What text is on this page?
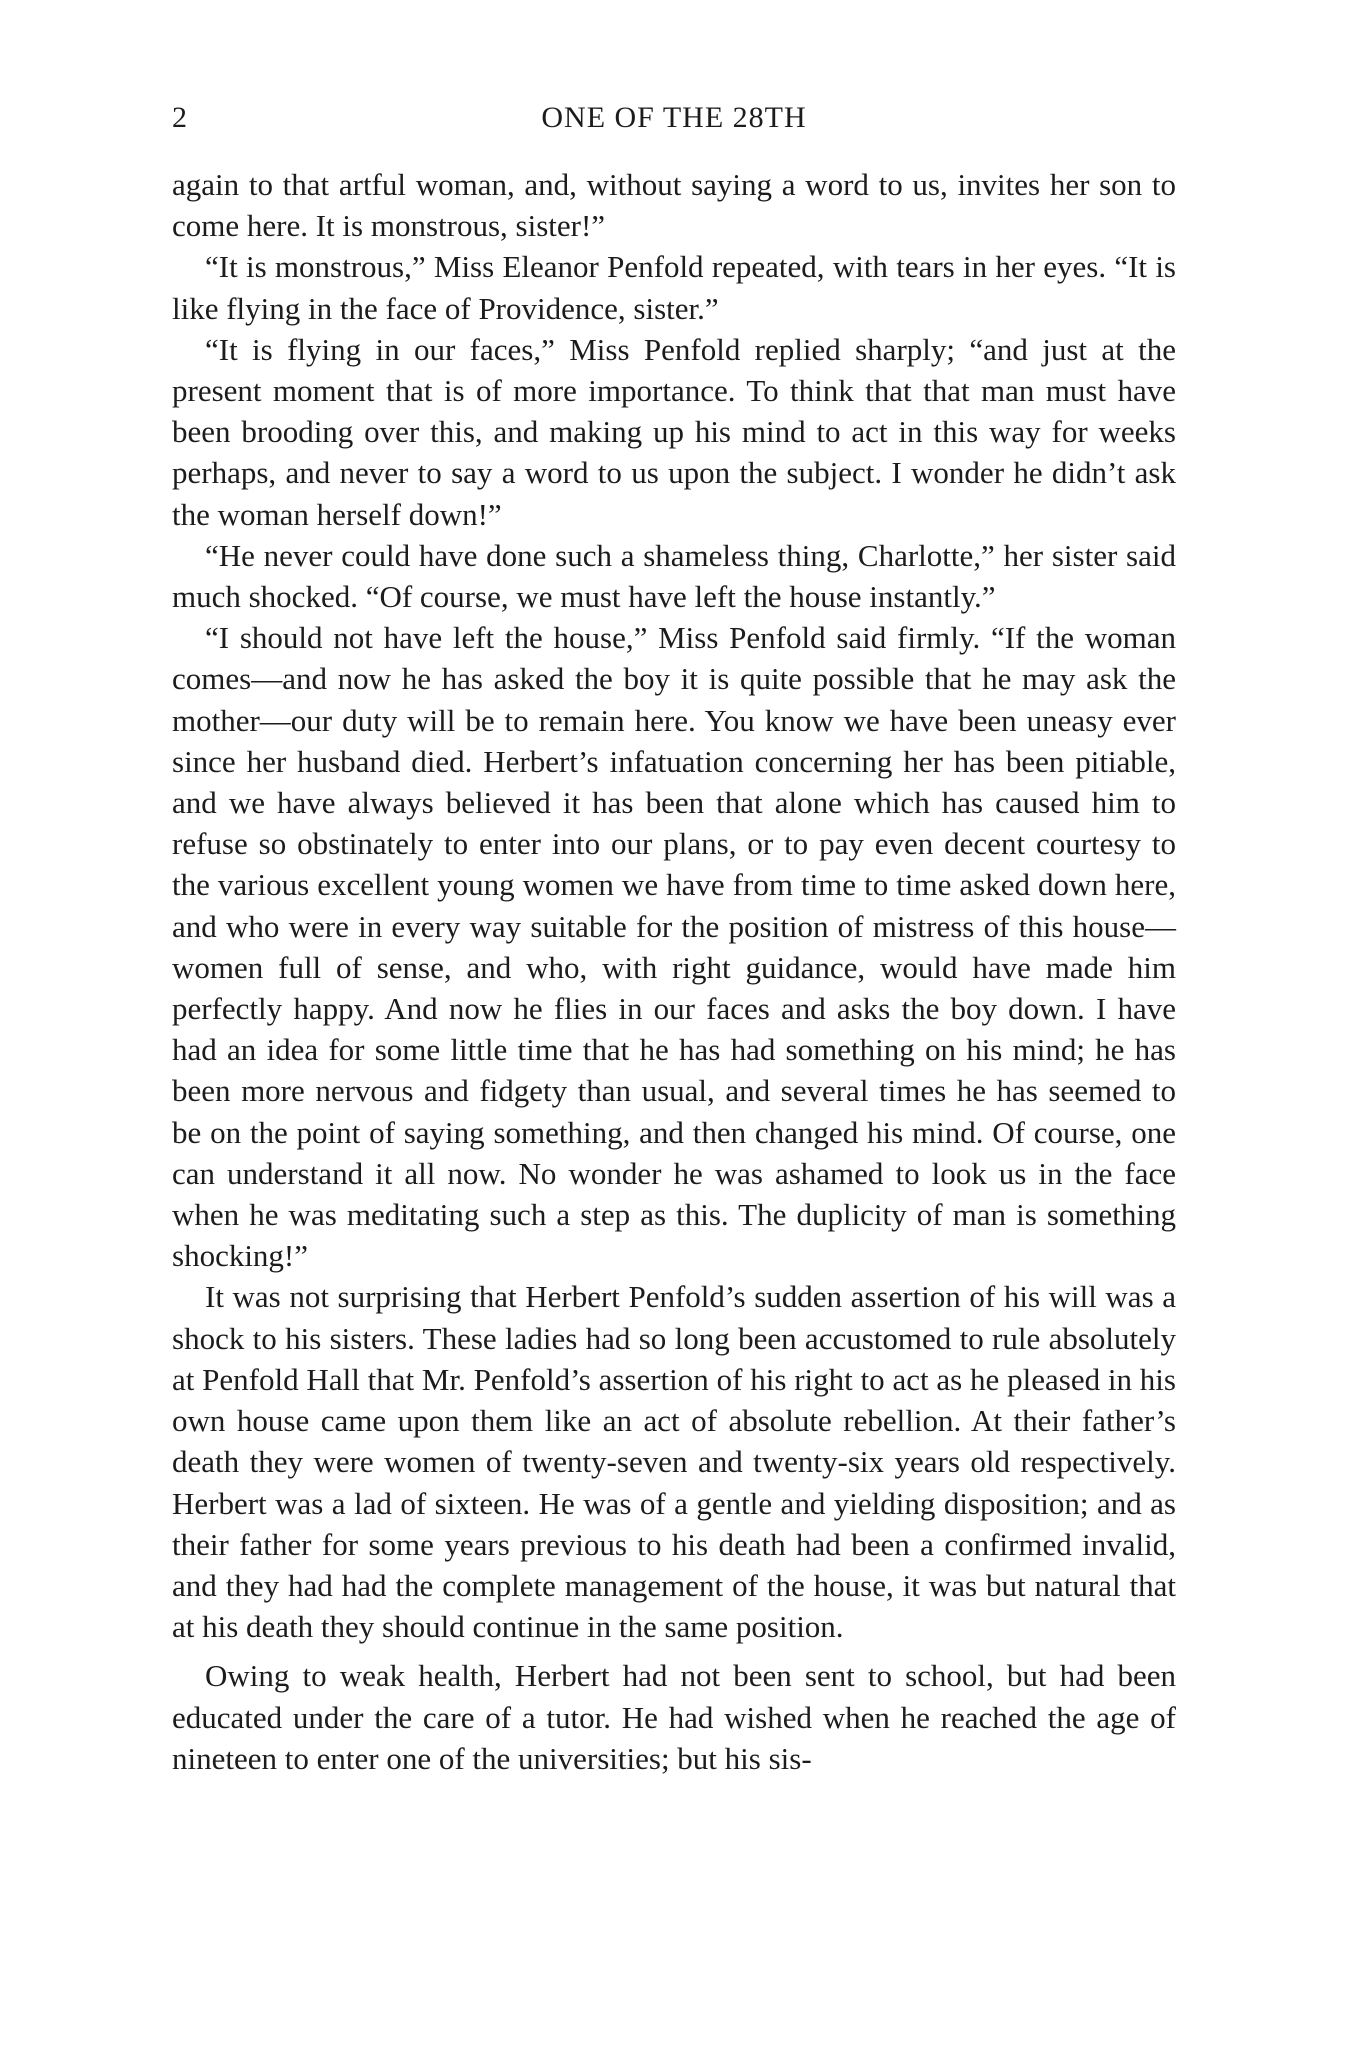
2	ONE OF THE 28TH

again to that artful woman, and, without saying a word to us, invites her son to come here. It is monstrous, sister!”

“It is monstrous,” Miss Eleanor Penfold repeated, with tears in her eyes. “It is like flying in the face of Providence, sister.”

“It is flying in our faces,” Miss Penfold replied sharply; “and just at the present moment that is of more importance. To think that that man must have been brooding over this, and making up his mind to act in this way for weeks perhaps, and never to say a word to us upon the subject. I wonder he didn’t ask the woman herself down!”

“He never could have done such a shameless thing, Charlotte,” her sister said much shocked. “Of course, we must have left the house instantly.”

“I should not have left the house,” Miss Penfold said firmly. “If the woman comes—and now he has asked the boy it is quite possible that he may ask the mother—our duty will be to remain here. You know we have been uneasy ever since her husband died. Herbert’s infatuation concerning her has been pitiable, and we have always believed it has been that alone which has caused him to refuse so obstinately to enter into our plans, or to pay even decent courtesy to the various excellent young women we have from time to time asked down here, and who were in every way suitable for the position of mistress of this house—women full of sense, and who, with right guidance, would have made him perfectly happy. And now he flies in our faces and asks the boy down. I have had an idea for some little time that he has had something on his mind; he has been more nervous and fidgety than usual, and several times he has seemed to be on the point of saying something, and then changed his mind. Of course, one can understand it all now. No wonder he was ashamed to look us in the face when he was meditating such a step as this. The duplicity of man is something shocking!”

It was not surprising that Herbert Penfold’s sudden assertion of his will was a shock to his sisters. These ladies had so long been accustomed to rule absolutely at Penfold Hall that Mr. Penfold’s assertion of his right to act as he pleased in his own house came upon them like an act of absolute rebellion. At their father’s death they were women of twenty-seven and twenty-six years old respectively. Herbert was a lad of sixteen. He was of a gentle and yielding disposition; and as their father for some years previous to his death had been a confirmed invalid, and they had had the complete management of the house, it was but natural that at his death they should continue in the same position.

Owing to weak health, Herbert had not been sent to school, but had been educated under the care of a tutor. He had wished when he reached the age of nineteen to enter one of the universities; but his sis-
